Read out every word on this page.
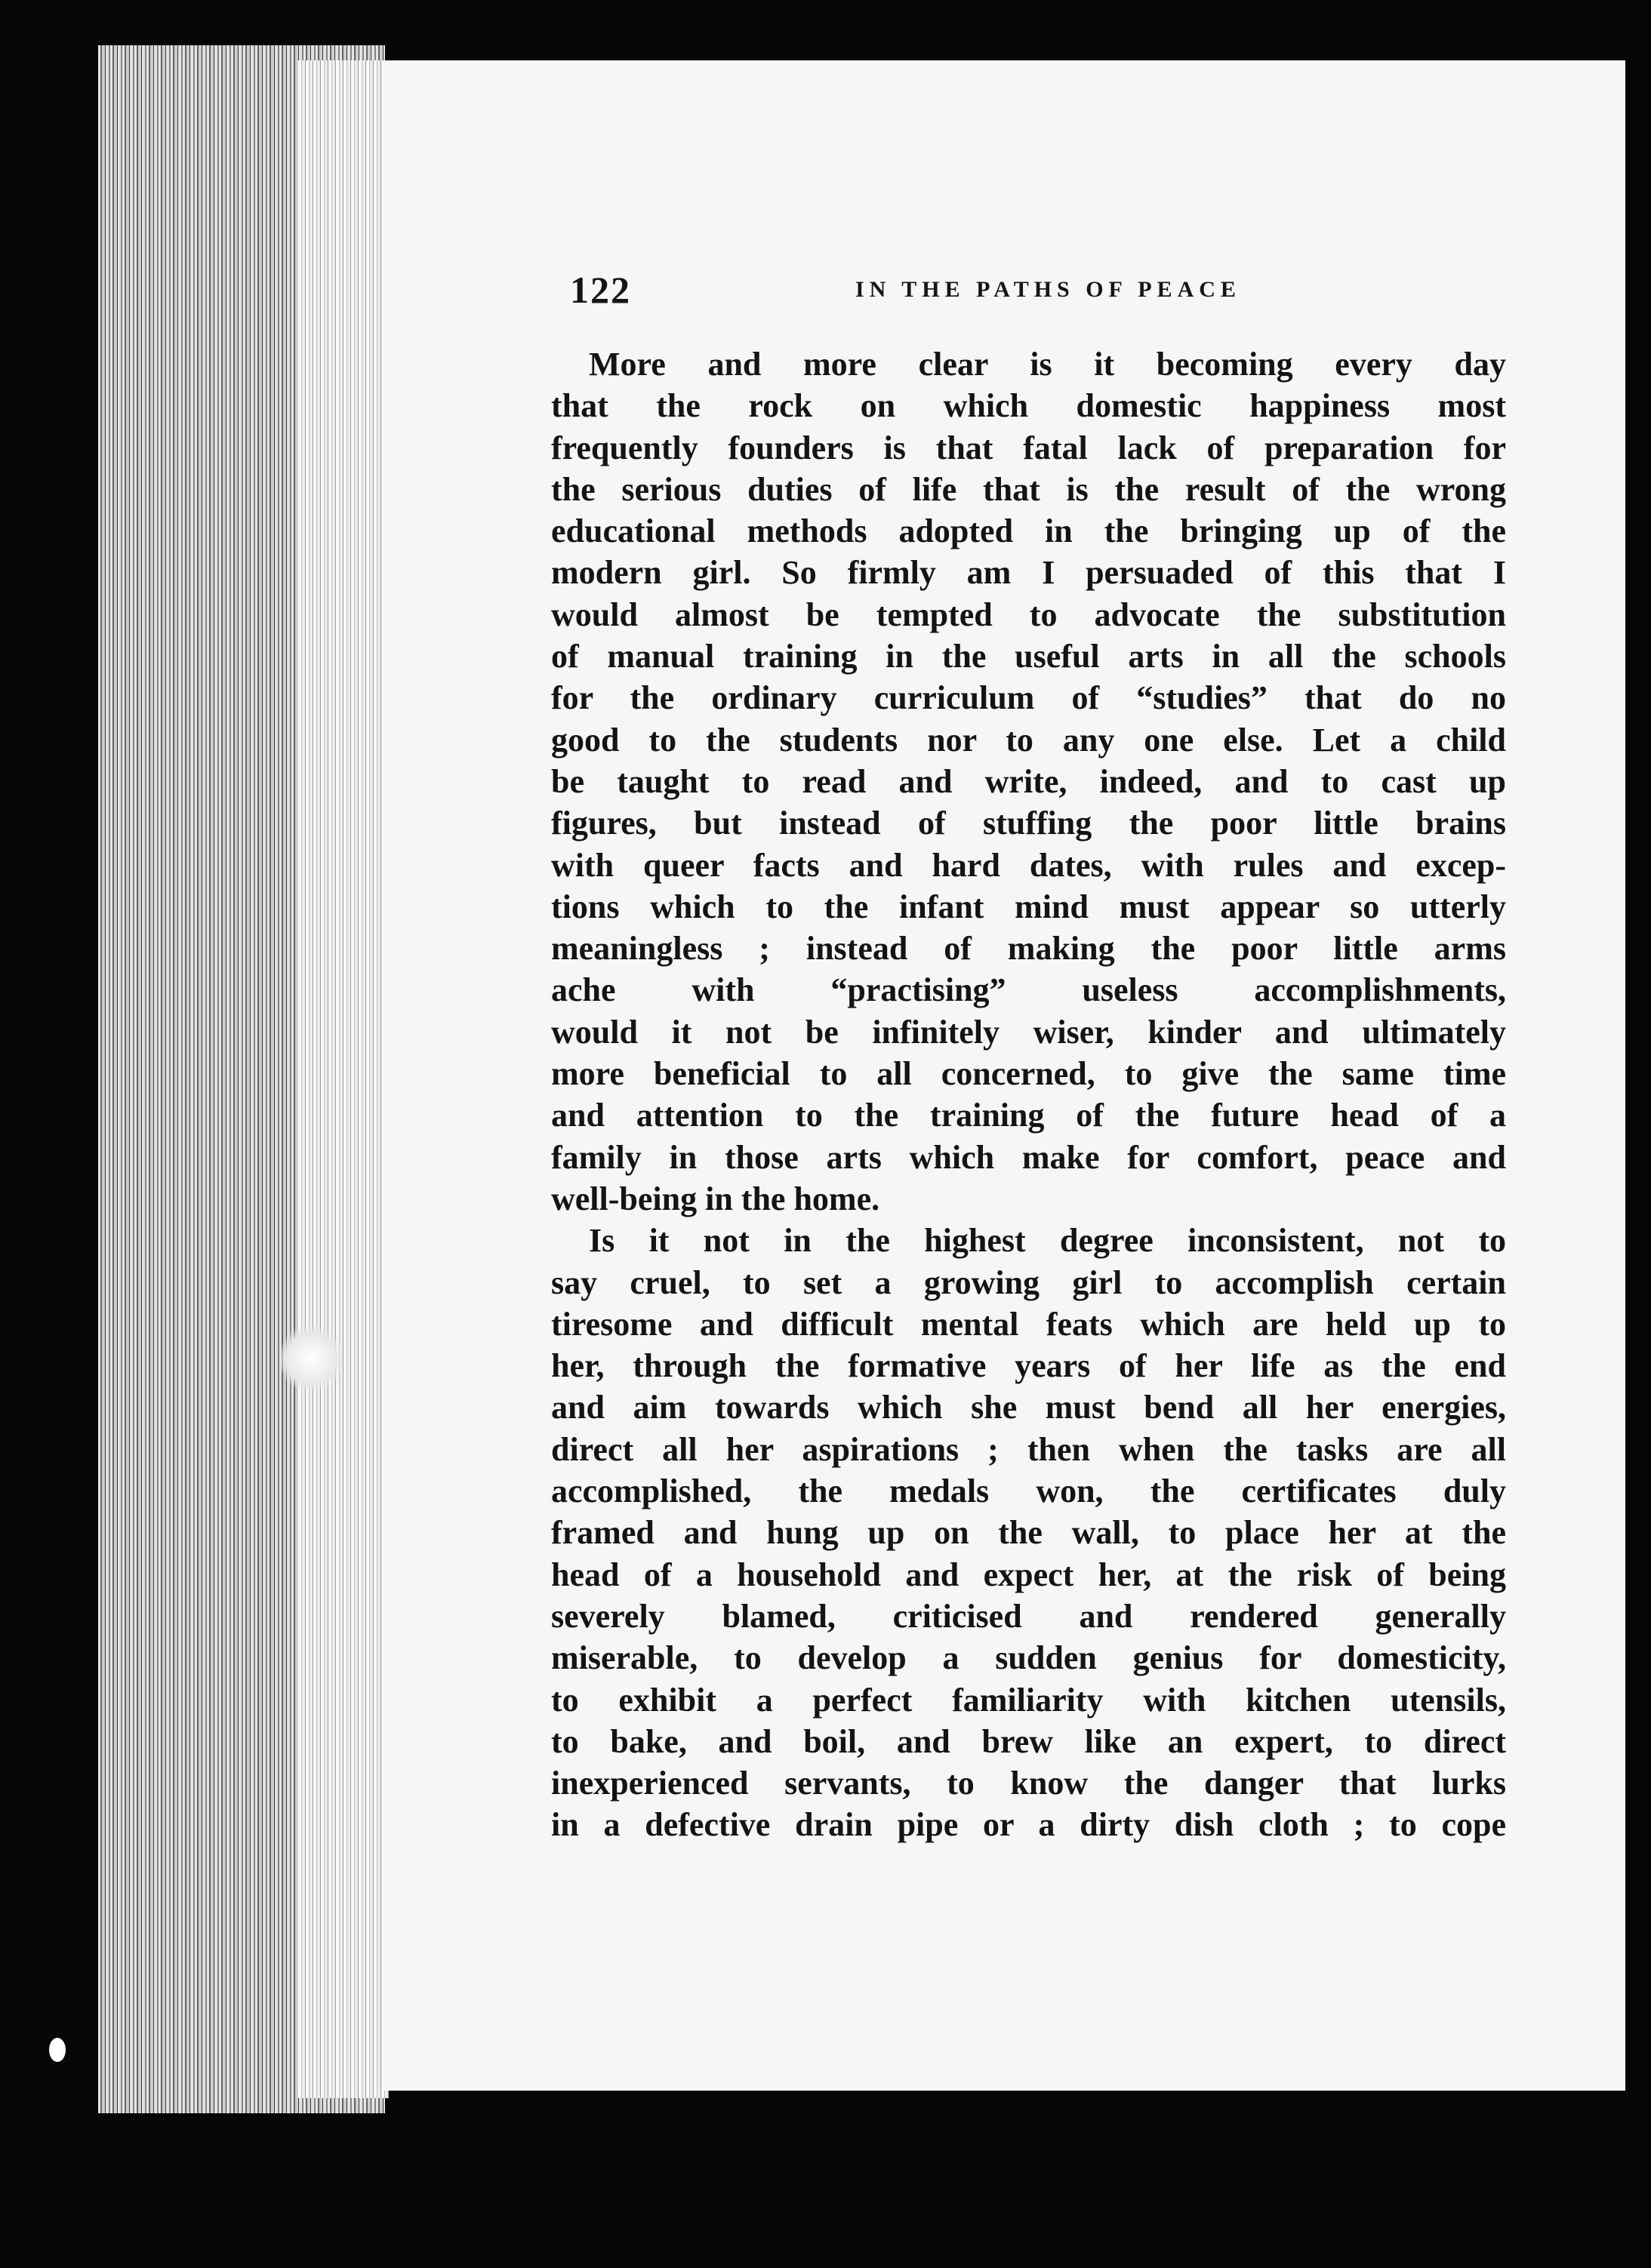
122	IN THE PATHS OF PEACE
More and more clear is it becoming every day
that the rock on which domestic happiness most
frequently founders is that fatal lack of preparation for
the serious duties of life that is the result of the wrong
educational methods adopted in the bringing up of the
modern girl. So firmly am I persuaded of this that I
would almost be tempted to advocate the substitution
of manual training in the useful arts in all the schools
for the ordinary curriculum of “studies” that do no
good to the students nor to any one else. Let a child
be taught to read and write, indeed, and to cast up
figures, but instead of stuffing the poor little brains
with queer facts and hard dates, with rules and excep-
tions which to the infant mind must appear so utterly
meaningless ; instead of making the poor little arms
ache with “practising” useless accomplishments,
would it not be infinitely wiser, kinder and ultimately
more beneficial to all concerned, to give the same time
and attention to the training of the future head of a
family in those arts which make for comfort, peace and
well-being in the home.
Is it not in the highest degree inconsistent, not to
say cruel, to set a growing girl to accomplish certain
tiresome and difficult mental feats which are held up to
her, through the formative years of her life as the end
and aim towards which she must bend all her energies,
direct all her aspirations ; then when the tasks are all
accomplished, the medals won, the certificates duly
framed and hung up on the wall, to place her at the
head of a household and expect her, at the risk of being
severely blamed, criticised and rendered generally
miserable, to develop a sudden genius for domesticity,
to exhibit a perfect familiarity with kitchen utensils,
to bake, and boil, and brew like an expert, to direct
inexperienced servants, to know the danger that lurks
in a defective drain pipe or a dirty dish cloth ; to cope
